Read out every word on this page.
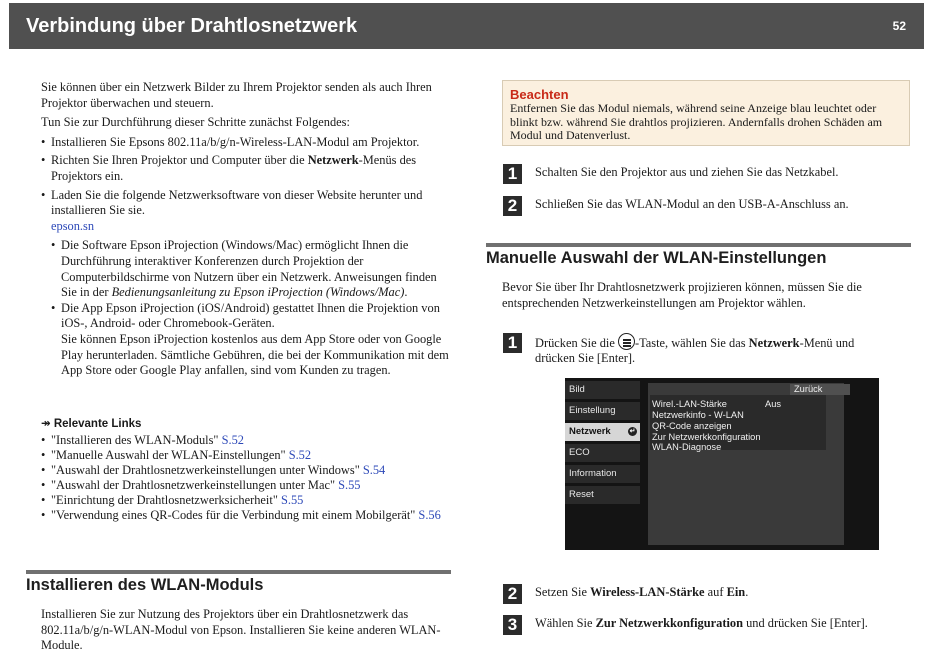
Verbindung über Drahtlosnetzwerk	52

Sie können über ein Netzwerk Bilder zu Ihrem Projektor senden als auch Ihren Projektor überwachen und steuern.

Tun Sie zur Durchführung dieser Schritte zunächst Folgendes:

• Installieren Sie Epsons 802.11a/b/g/n-Wireless-LAN-Modul am Projektor.
• Richten Sie Ihren Projektor und Computer über die Netzwerk-Menüs des Projektors ein.
• Laden Sie die folgende Netzwerksoftware von dieser Website herunter und installieren Sie sie.
epson.sn
• Die Software Epson iProjection (Windows/Mac) ermöglicht Ihnen die Durchführung interaktiver Konferenzen durch Projektion der Computerbildschirme von Nutzern über ein Netzwerk. Anweisungen finden Sie in der Bedienungsanleitung zu Epson iProjection (Windows/Mac).
• Die App Epson iProjection (iOS/Android) gestattet Ihnen die Projektion von iOS-, Android- oder Chromebook-Geräten.
Sie können Epson iProjection kostenlos aus dem App Store oder von Google Play herunterladen. Sämtliche Gebühren, die bei der Kommunikation mit dem App Store oder Google Play anfallen, sind vom Kunden zu tragen.
↠ Relevante Links
• "Installieren des WLAN-Moduls" S.52
• "Manuelle Auswahl der WLAN-Einstellungen" S.52
• "Auswahl der Drahtlosnetzwerkeinstellungen unter Windows" S.54
• "Auswahl der Drahtlosnetzwerkeinstellungen unter Mac" S.55
• "Einrichtung der Drahtlosnetzwerksicherheit" S.55
• "Verwendung eines QR-Codes für die Verbindung mit einem Mobilgerät" S.56
Installieren des WLAN-Moduls

Installieren Sie zur Nutzung des Projektors über ein Drahtlosnetzwerk das 802.11a/b/g/n-WLAN-Modul von Epson. Installieren Sie keine anderen WLAN-Module.

Beachten
Entfernen Sie das Modul niemals, während seine Anzeige blau leuchtet oder blinkt bzw. während Sie drahtlos projizieren. Andernfalls drohen Schäden am Modul und Datenverlust.
1	Schalten Sie den Projektor aus und ziehen Sie das Netzkabel.
2	Schließen Sie das WLAN-Modul an den USB-A-Anschluss an.
Manuelle Auswahl der WLAN-Einstellungen

Bevor Sie über Ihr Drahtlosnetzwerk projizieren können, müssen Sie die entsprechenden Netzwerkeinstellungen am Projektor wählen.

1	Drücken Sie die -Taste, wählen Sie das Netzwerk-Menü und drücken Sie [Enter].
Bild
Einstellung
Netzwerk	↵
ECO
Information
Reset
Zurück
Wirel.-LAN-Stärke	Aus
Netzwerkinfo - W-LAN
QR-Code anzeigen
Zur Netzwerkkonfiguration
WLAN-Diagnose
2	Setzen Sie Wireless-LAN-Stärke auf Ein.
3	Wählen Sie Zur Netzwerkkonfiguration und drücken Sie [Enter].
